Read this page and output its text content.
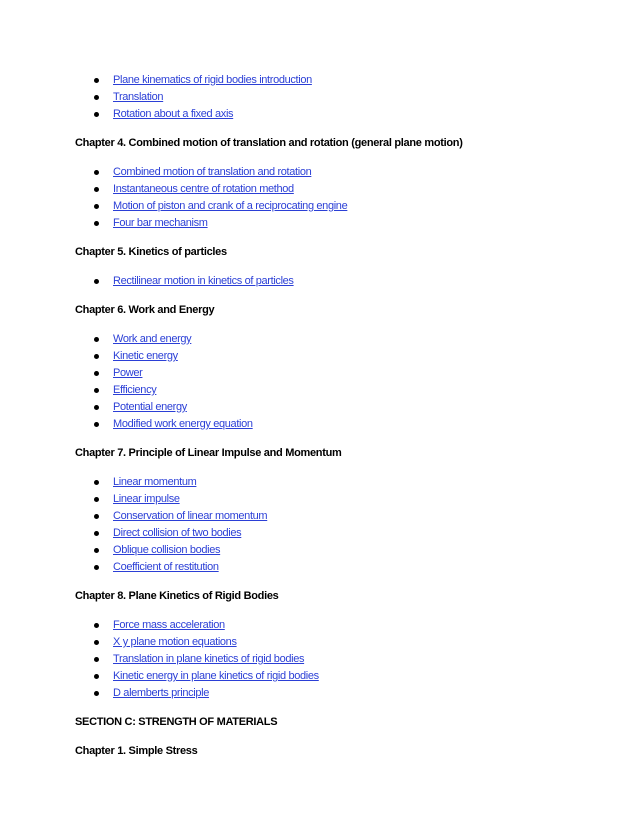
Plane kinematics of rigid bodies introduction
Translation
Rotation about a fixed axis
Chapter 4. Combined motion of translation and rotation (general plane motion)
Combined motion of translation and rotation
Instantaneous centre of rotation method
Motion of piston and crank of a reciprocating engine
Four bar mechanism
Chapter 5. Kinetics of particles
Rectilinear motion in kinetics of particles
Chapter 6. Work and Energy
Work and energy
Kinetic energy
Power
Efficiency
Potential energy
Modified work energy equation
Chapter 7. Principle of Linear Impulse and Momentum
Linear momentum
Linear impulse
Conservation of linear momentum
Direct collision of two bodies
Oblique collision bodies
Coefficient of restitution
Chapter 8. Plane Kinetics of Rigid Bodies
Force mass acceleration
X y plane motion equations
Translation in plane kinetics of rigid bodies
Kinetic energy in plane kinetics of rigid bodies
D alemberts principle
SECTION C: STRENGTH OF MATERIALS
Chapter 1. Simple Stress
